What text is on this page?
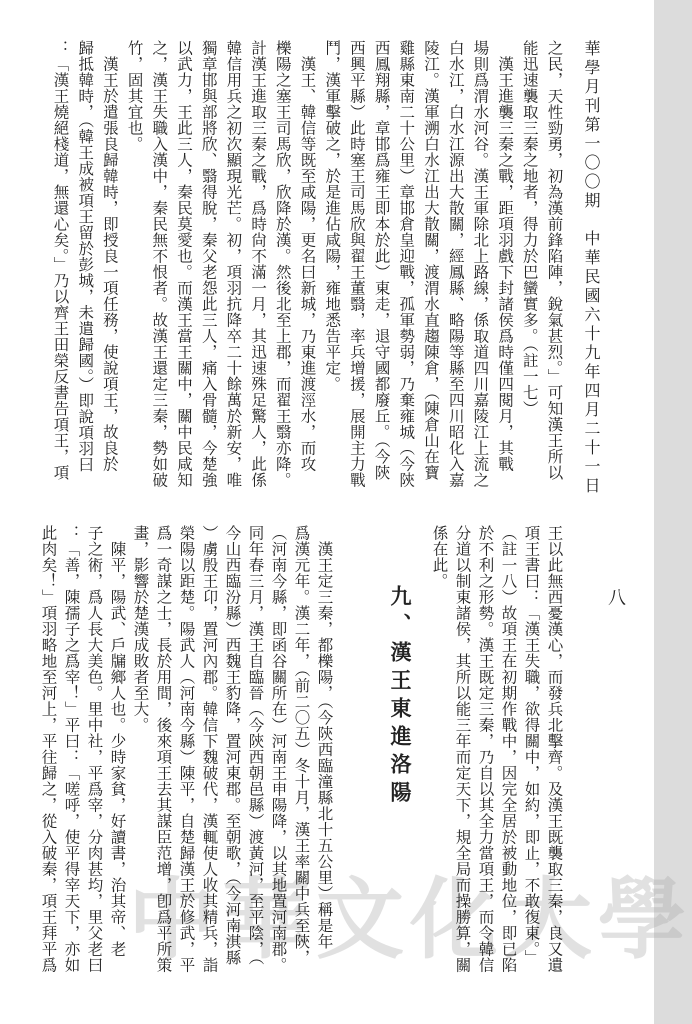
華學月刊第一〇〇期　中華民國六十九年四月二十一日
八
中華文化大學
之民，天性勁勇，初為漢前鋒陷陣，銳氣甚烈。」可知漢王所以
能迅速襲取三秦之地者，得力於巴蠻實多。（註一七）
　漢王進襲三秦之戰，距項羽戲下封諸侯爲時僅四閱月，其戰
場則爲渭水河谷。漢王軍除北上路線，係取道四川嘉陵江上流之
白水江，白水江源出大散關，經鳳縣、略陽等縣至四川昭化入嘉
陵江。漢軍溯白水江出大散關，渡渭水直趨陳倉，（陳倉山在寶
雞縣東南二十公里）章邯倉皇迎戰，孤軍勢弱，乃棄雍城（今陝
西鳳翔縣，章邯爲雍王即本於此）東走，退守國都廢丘。（今陝
西興平縣）此時塞王司馬欣與翟王董翳，率兵增援，展開主力戰
鬥，漢軍擊破之，於是進佔咸陽，雍地悉告平定。
　漢王、韓信等既至咸陽，更名曰新城，乃東進渡涇水，而攻
櫟陽之塞王司馬欣，欣降於漢。然後北至上郡，而翟王翳亦降。
計漢王進取三秦之戰，爲時尙不滿一月，其迅速殊足驚人，此係
韓信用兵之初次顯現光芒。初，項羽抗降卒二十餘萬於新安，唯
獨章邯與部將欣、翳得脫，秦父老怨此三人，痛入骨髓，今楚強
以武力，王此三人，秦民莫愛也。而漢王當王關中，關中民咸知
之，漢王失職入漢中，秦民無不恨者。故漢王還定三秦，勢如破
竹，固其宜也。
　漢王於遣張良歸韓時，即授良一項任務，使說項王，故良於
歸抵韓時，（韓王成被項王留於彭城，未遣歸國。）即說項羽曰
：「漢王燒絕棧道，無還心矣。」乃以齊王田榮反書告項王，項
王以此無西憂漢心，而發兵北擊齊。及漢王既襲取三秦，良又遺
項王書曰：「漢王失職，欲得關中，如約，即止，不敢復東。」
（註一八）故項王在初期作戰中，因完全居於被動地位，即已陷
於不利之形勢。漢王既定三秦，乃自以其全力當項王，而令韓信
分道以制東諸侯，其所以能三年而定天下，規全局而操勝算，關
係在此。
　漢王定三秦，都櫟陽，（今陝西臨潼縣北十五公里）稱是年
爲漢元年。漢二年，（前二〇五）冬十月，漢王率關中兵至陝，
（河南今縣，即函谷關所在）河南王申陽降，以其地置河南郡。
同年春三月，漢王自臨晉（今陝西朝邑縣）渡黃河，至平陰，（
今山西臨汾縣）西魏王豹降，置河東郡。至朝歌，（今河南淇縣
）虜殷王卬，置河內郡。韓信下魏破代，漢輒使人收其精兵，詣
榮陽以距楚。陽武人（河南今縣）陳平，自楚歸漢王於修武，平
爲一奇謀之士，長於用間，後來項王去其謀臣范增，卽爲平所策
畫，影響於楚漢成敗者至大。
　陳平，陽武、戶牖鄉人也。少時家貧，好讀書，治其帝、老
子之術，爲人長大美色。里中社，平爲宰，分肉甚均，里父老曰
：「善，陳孺子之爲宰！」平曰：「嗟呼，使平得宰天下，亦如
此肉矣！」項羽略地至河上，平往歸之，從入破秦，項王拜平爲	九、漢王東進洛陽
